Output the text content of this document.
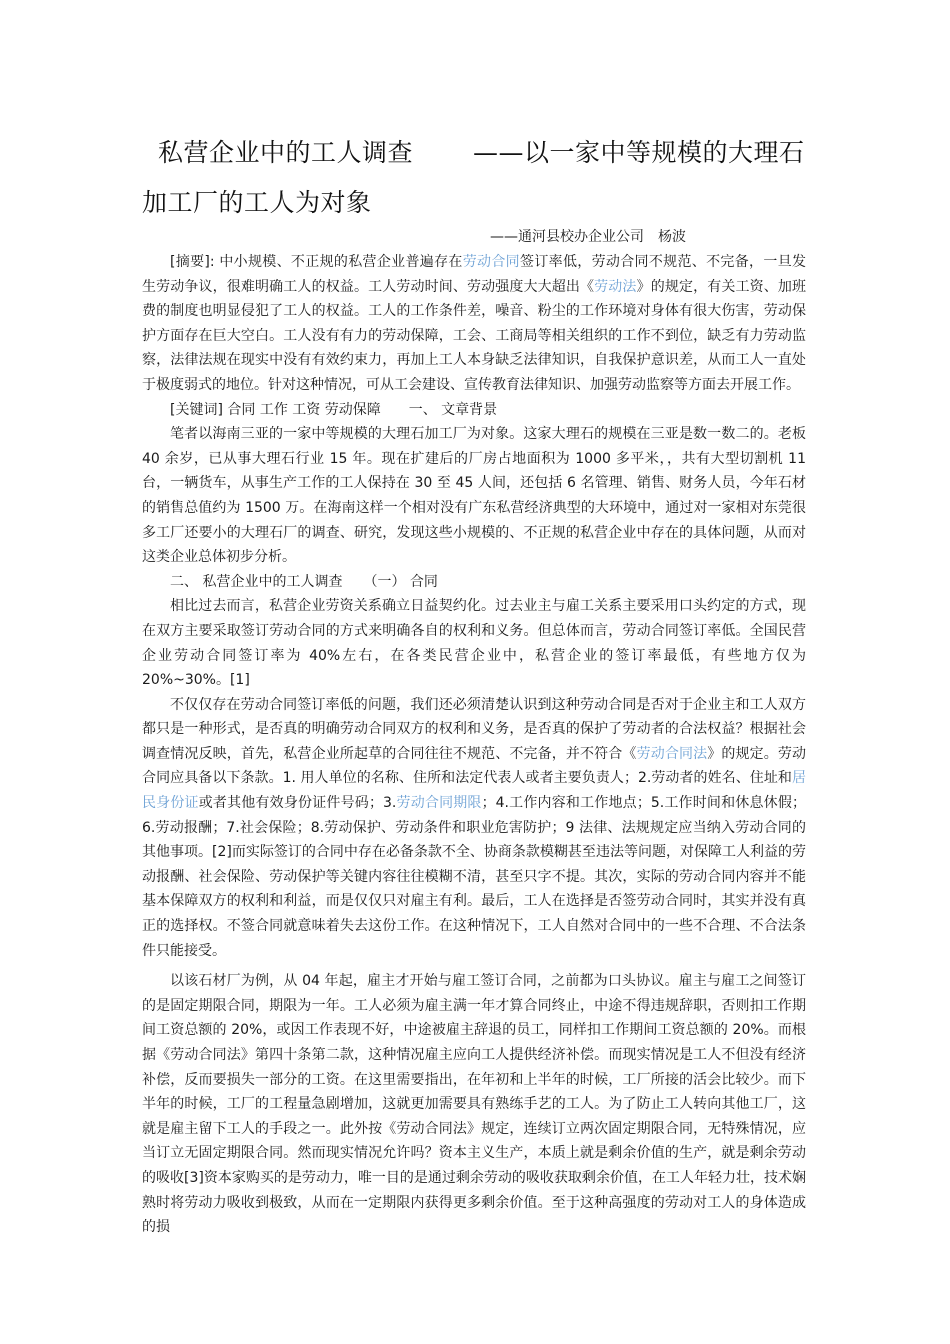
私营企业中的工人调查 ——以一家中等规模的大理石
加工厂的工人为对象
——通河县校办企业公司　杨波

[摘要]: 中小规模、不正规的私营企业普遍存在劳动合同签订率低，劳动合同不规范、不完备，一旦发生劳动争议，很难明确工人的权益。工人劳动时间、劳动强度大大超出《劳动法》的规定，有关工资、加班费的制度也明显侵犯了工人的权益。工人的工作条件差，噪音、粉尘的工作环境对身体有很大伤害，劳动保护方面存在巨大空白。工人没有有力的劳动保障，工会、工商局等相关组织的工作不到位，缺乏有力劳动监察，法律法规在现实中没有有效约束力，再加上工人本身缺乏法律知识，自我保护意识差，从而工人一直处于极度弱式的地位。针对这种情况，可从工会建设、宣传教育法律知识、加强劳动监察等方面去开展工作。

[关键词] 合同 工作 工资 劳动保障　　一、 文章背景

笔者以海南三亚的一家中等规模的大理石加工厂为对象。这家大理石的规模在三亚是数一数二的。老板 40 余岁，已从事大理石行业 15 年。现在扩建后的厂房占地面积为 1000 多平米，，共有大型切割机 11 台，一辆货车，从事生产工作的工人保持在 30 至 45 人间，还包括 6 名管理、销售、财务人员，今年石材的销售总值约为 1500 万。在海南这样一个相对没有广东私营经济典型的大环境中，通过对一家相对东莞很多工厂还要小的大理石厂的调查、研究，发现这些小规模的、不正规的私营企业中存在的具体问题，从而对这类企业总体初步分析。

二、 私营企业中的工人调查　　（一） 合同

相比过去而言，私营企业劳资关系确立日益契约化。过去业主与雇工关系主要采用口头约定的方式，现在双方主要采取签订劳动合同的方式来明确各自的权利和义务。但总体而言，劳动合同签订率低。全国民营企业劳动合同签订率为 40%左右，在各类民营企业中，私营企业的签订率最低，有些地方仅为 20%~30%。[1]

不仅仅存在劳动合同签订率低的问题，我们还必须清楚认识到这种劳动合同是否对于企业主和工人双方都只是一种形式，是否真的明确劳动合同双方的权利和义务，是否真的保护了劳动者的合法权益？根据社会调查情况反映，首先，私营企业所起草的合同往往不规范、不完备，并不符合《劳动合同法》的规定。劳动合同应具备以下条款。1. 用人单位的名称、住所和法定代表人或者主要负责人；2.劳动者的姓名、住址和居民身份证或者其他有效身份证件号码；3.劳动合同期限；4.工作内容和工作地点；5.工作时间和休息休假；6.劳动报酬；7.社会保险；8.劳动保护、劳动条件和职业危害防护；9 法律、法规规定应当纳入劳动合同的其他事项。[2]而实际签订的合同中存在必备条款不全、协商条款模糊甚至违法等问题，对保障工人利益的劳动报酬、社会保险、劳动保护等关键内容往往模糊不清，甚至只字不提。其次，实际的劳动合同内容并不能基本保障双方的权利和利益，而是仅仅只对雇主有利。最后，工人在选择是否签劳动合同时，其实并没有真正的选择权。不签合同就意味着失去这份工作。在这种情况下，工人自然对合同中的一些不合理、不合法条件只能接受。

以该石材厂为例，从 04 年起，雇主才开始与雇工签订合同，之前都为口头协议。雇主与雇工之间签订的是固定期限合同，期限为一年。工人必须为雇主满一年才算合同终止，中途不得违规辞职，否则扣工作期间工资总额的 20%，或因工作表现不好，中途被雇主辞退的员工，同样扣工作期间工资总额的 20%。而根据《劳动合同法》第四十条第二款，这种情况雇主应向工人提供经济补偿。而现实情况是工人不但没有经济补偿，反而要损失一部分的工资。在这里需要指出，在年初和上半年的时候，工厂所接的活会比较少。而下半年的时候，工厂的工程量急剧增加，这就更加需要具有熟练手艺的工人。为了防止工人转向其他工厂，这就是雇主留下工人的手段之一。此外按《劳动合同法》规定，连续订立两次固定期限合同，无特殊情况，应当订立无固定期限合同。然而现实情况允许吗？资本主义生产，本质上就是剩余价值的生产，就是剩余劳动的吸收[3]资本家购买的是劳动力，唯一目的是通过剩余劳动的吸收获取剩余价值，在工人年轻力壮，技术娴熟时将劳动力吸收到极致，从而在一定期限内获得更多剩余价值。至于这种高强度的劳动对工人的身体造成的损
